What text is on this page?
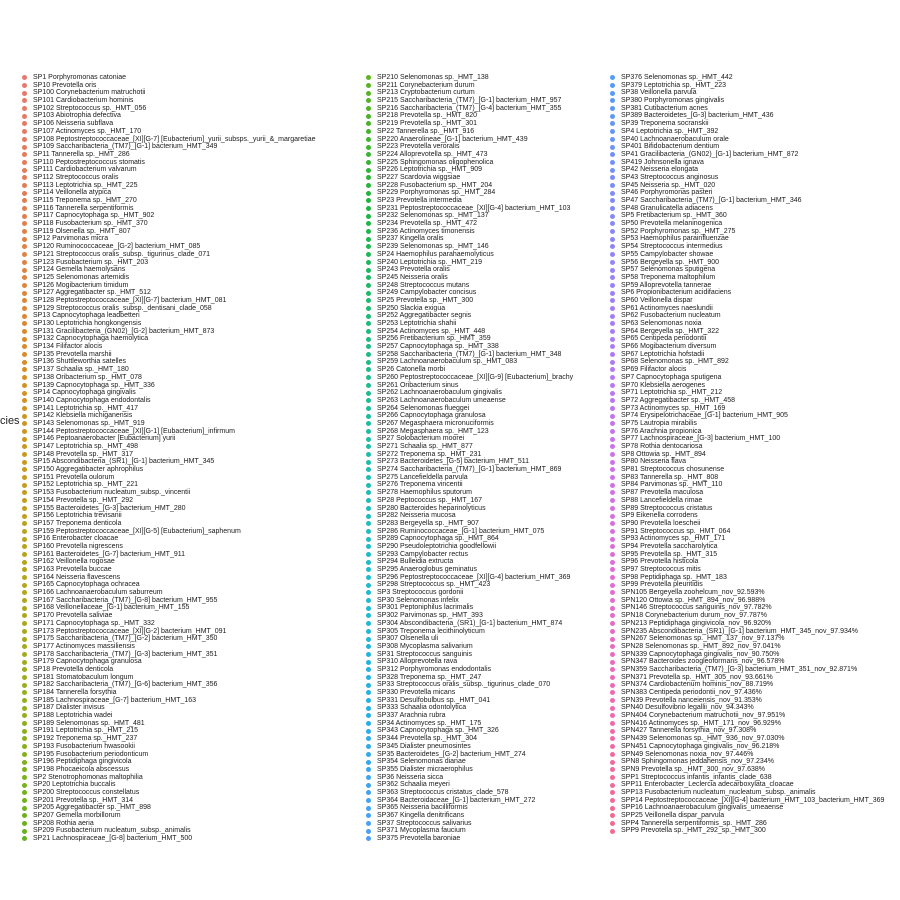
cies
SP1 Porphyromonas catoniae
SP10 Prevotella oris
SP100 Corynebacterium matruchotii
SP101 Cardiobacterium hominis
SP102 Streptococcus sp._HMT_056
SP103 Abiotrophia defectiva
SP106 Neisseria subflava
SP107 Actinomyces sp._HMT_170
SP108 Peptostreptococcaceae_[XI][G-7] [Eubacterium]_yurii_subsps._yurii_&_margaretiae
SP109 Saccharibacteria_(TM7)_[G-1] bacterium_HMT_349
SP11 Tannerella sp._HMT_286
SP110 Peptostreptococcus stomatis
SP111 Cardiobacterium valvarum
SP112 Streptococcus oralis
SP113 Leptotrichia sp._HMT_225
SP114 Veillonella atypica
SP115 Treponema sp._HMT_270
SP116 Tannerella serpentiformis
SP117 Capnocytophaga sp._HMT_902
SP118 Fusobacterium sp._HMT_370
SP119 Olsenella sp._HMT_807
SP12 Parvimonas micra
SP120 Ruminococcaceae_[G-2] bacterium_HMT_085
SP121 Streptococcus oralis_subsp._tigurinus_clade_071
SP123 Fusobacterium sp._HMT_203
SP124 Gemella haemolysans
SP125 Selenomonas artemidis
SP126 Mogibacterium timidum
SP127 Aggregatibacter sp._HMT_512
SP128 Peptostreptococcaceae_[XI][G-7] bacterium_HMT_081
SP129 Streptococcus oralis_subsp._dentisani_clade_058
SP13 Capnocytophaga leadbetteri
SP130 Leptotrichia hongkongensis
SP131 Gracilibacteria_(GN02)_[G-2] bacterium_HMT_873
SP132 Capnocytophaga haemolytica
SP134 Filifactor alocis
SP135 Prevotella marshii
SP136 Shuttleworthia satelles
SP137 Schaalia sp._HMT_180
SP138 Oribacterium sp._HMT_078
SP139 Capnocytophaga sp._HMT_336
SP14 Capnocytophaga gingivalis
SP140 Capnocytophaga endodontalis
SP141 Leptotrichia sp._HMT_417
SP142 Klebsiella michiganensis
SP143 Selenomonas sp._HMT_919
SP144 Peptostreptococcaceae_[XI][G-1] [Eubacterium]_infirmum
SP146 Peptoanaerobacter [Eubacterium] yurii
SP147 Leptotrichia sp._HMT_498
SP148 Prevotella sp._HMT_317
SP15 Abscondibacteria_(SR1)_[G-1] bacterium_HMT_345
SP150 Aggregatibacter aphrophilus
SP151 Prevotella oulorum
SP152 Leptotrichia sp._HMT_221
SP153 Fusobacterium nucleatum_subsp._vincentii
SP154 Prevotella sp._HMT_292
SP155 Bacteroidetes_[G-3] bacterium_HMT_280
SP156 Leptotrichia trevisanii
SP157 Treponema denticola
SP159 Peptostreptococcaceae_[XI][G-5] [Eubacterium]_saphenum
SP16 Enterobacter cloacae
SP160 Prevotella nigrescens
SP161 Bacteroidetes_[G-7] bacterium_HMT_911
SP162 Veillonella rogosae
SP163 Prevotella buccae
SP164 Neisseria flavescens
SP165 Capnocytophaga ochracea
SP166 Lachnoanaerobaculum saburreum
SP167 Saccharibacteria_(TM7)_[G-8] bacterium_HMT_955
SP168 Veillonellaceae_[G-1] bacterium_HMT_155
SP170 Prevotella saliviae
SP171 Capnocytophaga sp._HMT_332
SP173 Peptostreptococcaceae_[XI][G-2] bacterium_HMT_091
SP175 Saccharibacteria_(TM7)_[G-2] bacterium_HMT_350
SP177 Actinomyces massiliensis
SP178 Saccharibacteria_(TM7)_[G-3] bacterium_HMT_351
SP179 Capnocytophaga granulosa
SP18 Prevotella denticola
SP181 Stomatobaculum longum
SP182 Saccharibacteria_(TM7)_[G-6] bacterium_HMT_356
SP184 Tannerella forsythia
SP185 Lachnospiraceae_[G-7] bacterium_HMT_163
SP187 Dialister invisus
SP188 Leptotrichia wadei
SP189 Selenomonas sp._HMT_481
SP191 Leptotrichia sp._HMT_215
SP192 Treponema sp._HMT_237
SP193 Fusobacterium hwasookii
SP195 Fusobacterium periodonticum
SP196 Peptidiphaga gingivicola
SP198 Phocaeicola abscessus
SP2 Stenotrophomonas maltophilia
SP20 Leptotrichia buccalis
SP200 Streptococcus constellatus
SP201 Prevotella sp._HMT_314
SP205 Aggregatibacter sp._HMT_898
SP207 Gemella morbillorum
SP208 Rothia aeria
SP209 Fusobacterium nucleatum_subsp._animalis
SP21 Lachnospiraceae_[G-8] bacterium_HMT_500
SP210 Selenomonas sp._HMT_138
SP211 Corynebacterium durum
SP213 Cryptobacterium curtum
SP215 Saccharibacteria_(TM7)_[G-1] bacterium_HMT_957
SP216 Saccharibacteria_(TM7)_[G-4] bacterium_HMT_355
SP218 Prevotella sp._HMT_820
SP219 Prevotella sp._HMT_301
SP22 Tannerella sp._HMT_916
SP220 Anaerolineae_[G-1] bacterium_HMT_439
SP223 Prevotella veroralis
SP224 Alloprevotella sp._HMT_473
SP225 Sphingomonas oligophenolica
SP226 Leptotrichia sp._HMT_909
SP227 Scardovia wiggsiae
SP228 Fusobacterium sp._HMT_204
SP229 Porphyromonas sp._HMT_284
SP23 Prevotella intermedia
SP231 Peptostreptococcaceae_[XI][G-4] bacterium_HMT_103
SP232 Selenomonas sp._HMT_137
SP234 Prevotella sp._HMT_472
SP236 Actinomyces timonensis
SP237 Kingella oralis
SP239 Selenomonas sp._HMT_146
SP24 Haemophilus parahaemolyticus
SP240 Leptotrichia sp._HMT_219
SP243 Prevotella oralis
SP245 Neisseria oralis
SP248 Streptococcus mutans
SP249 Campylobacter concisus
SP25 Prevotella sp._HMT_300
SP250 Slackia exigua
SP252 Aggregatibacter segnis
SP253 Leptotrichia shahii
SP254 Actinomyces sp._HMT_448
SP256 Fretibacterium sp._HMT_359
SP257 Capnocytophaga sp._HMT_338
SP258 Saccharibacteria_(TM7)_[G-1] bacterium_HMT_348
SP259 Lachnoanaerobaculum sp._HMT_083
SP26 Catonella morbi
SP260 Peptostreptococcaceae_[XI][G-9] [Eubacterium]_brachy
SP261 Oribacterium sinus
SP262 Lachnoanaerobaculum gingivalis
SP263 Lachnoanaerobaculum umeaense
SP264 Selenomonas flueggei
SP266 Capnocytophaga granulosa
SP267 Megasphaera micronuciformis
SP268 Megasphaera sp._HMT_123
SP27 Solobacterium moorei
SP271 Schaalia sp._HMT_877
SP272 Treponema sp._HMT_231
SP273 Bacteroidetes_[G-5] bacterium_HMT_511
SP274 Saccharibacteria_(TM7)_[G-1] bacterium_HMT_869
SP275 Lancefieldella parvula
SP276 Treponema vincentii
SP278 Haemophilus sputorum
SP28 Peptococcus sp._HMT_167
SP280 Bacteroides heparinolyticus
SP282 Neisseria mucosa
SP283 Bergeyella sp._HMT_907
SP286 Ruminococcaceae_[G-1] bacterium_HMT_075
SP289 Capnocytophaga sp._HMT_864
SP290 Pseudoleptotrichia goodfellowii
SP293 Campylobacter rectus
SP294 Bulleidia extructa
SP295 Anaeroglobus geminatus
SP296 Peptostreptococcaceae_[XI][G-4] bacterium_HMT_369
SP298 Streptococcus sp._HMT_423
SP3 Streptococcus gordonii
SP30 Selenomonas infelix
SP301 Peptoniphilus lacrimalis
SP302 Parvimonas sp._HMT_393
SP304 Abscondibacteria_(SR1)_[G-1] bacterium_HMT_874
SP305 Treponema lecithinolyticum
SP307 Olsenella uli
SP308 Mycoplasma salivarium
SP31 Streptococcus sanguinis
SP310 Alloprevotella rava
SP312 Porphyromonas endodontalis
SP328 Treponema sp._HMT_247
SP33 Streptococcus oralis_subsp._tigurinus_clade_070
SP330 Prevotella micans
SP331 Desulfobulbus sp._HMT_041
SP333 Schaalia odontolytica
SP337 Arachnia rubra
SP34 Actinomyces sp._HMT_175
SP343 Capnocytophaga sp._HMT_326
SP344 Prevotella sp._HMT_304
SP345 Dialister pneumosintes
SP35 Bacteroidetes_[G-2] bacterium_HMT_274
SP354 Selenomonas dianae
SP355 Dialister micraerophilus
SP36 Neisseria sicca
SP362 Schaalia meyeri
SP363 Streptococcus cristatus_clade_578
SP364 Bacteroidaceae_[G-1] bacterium_HMT_272
SP365 Neisseria bacilliformis
SP367 Kingella denitrificans
SP37 Streptococcus salivarius
SP371 Mycoplasma faucium
SP375 Prevotella baroniae
SP376 Selenomonas sp._HMT_442
SP379 Leptotrichia sp._HMT_223
SP38 Veillonella parvula
SP380 Porphyromonas gingivalis
SP381 Cutibacterium acnes
SP389 Bacteroidetes_[G-3] bacterium_HMT_436
SP39 Treponema socranskii
SP4 Leptotrichia sp._HMT_392
SP40 Lachnoanaerobaculum orale
SP401 Bifidobacterium dentium
SP41 Gracilibacteria_(GN02)_[G-1] bacterium_HMT_872
SP419 Johnsonella ignava
SP42 Neisseria elongata
SP43 Streptococcus anginosus
SP45 Neisseria sp._HMT_020
SP46 Porphyromonas pasteri
SP47 Saccharibacteria_(TM7)_[G-1] bacterium_HMT_346
SP48 Granulicatella adiacens
SP5 Fretibacterium sp._HMT_360
SP50 Prevotella melaninogenica
SP52 Porphyromonas sp._HMT_275
SP53 Haemophilus parainfluenzae
SP54 Streptococcus intermedius
SP55 Campylobacter showae
SP56 Bergeyella sp._HMT_900
SP57 Selenomonas sputigena
SP58 Treponema maltophilum
SP59 Alloprevotella tannerae
SP6 Propionibacterium acidifaciens
SP60 Veillonella dispar
SP61 Actinomyces naeslundii
SP62 Fusobacterium nucleatum
SP63 Selenomonas noxia
SP64 Bergeyella sp._HMT_322
SP65 Centipeda periodontii
SP66 Mogibacterium diversum
SP67 Leptotrichia hofstadii
SP68 Selenomonas sp._HMT_892
SP69 Filifactor alocis
SP7 Capnocytophaga sputigena
SP70 Klebsiella aerogenes
SP71 Leptotrichia sp._HMT_212
SP72 Aggregatibacter sp._HMT_458
SP73 Actinomyces sp._HMT_169
SP74 Erysipelotrichaceae_[G-1] bacterium_HMT_905
SP75 Lautropia mirabilis
SP76 Arachnia propionica
SP77 Lachnospiraceae_[G-3] bacterium_HMT_100
SP78 Rothia dentocariosa
SP8 Ottowia sp._HMT_894
SP80 Neisseria flava
SP81 Streptococcus chosunense
SP83 Tannerella sp._HMT_808
SP84 Parvimonas sp._HMT_110
SP87 Prevotella maculosa
SP88 Lancefieldella rimae
SP89 Streptococcus cristatus
SP9 Eikenella corrodens
SP90 Prevotella loescheii
SP91 Streptococcus sp._HMT_064
SP93 Actinomyces sp._HMT_171
SP94 Prevotella saccharolytica
SP95 Prevotella sp._HMT_315
SP96 Prevotella histicola
SP97 Streptococcus mitis
SP98 Peptidiphaga sp._HMT_183
SP99 Prevotella pleuritidis
SPN105 Bergeyella zoohelcum_nov_92.593%
SPN120 Ottowia sp._HMT_894_nov_96.988%
SPN146 Streptococcus sanguinis_nov_97.782%
SPN18 Corynebacterium durum_nov_97.787%
SPN213 Peptidiphaga gingivicola_nov_96.920%
SPN235 Abscondibacteria_(SR1)_[G-1] bacterium_HMT_345_nov_97.934%
SPN267 Selenomonas sp._HMT_137_nov_97.137%
SPN28 Selenomonas sp._HMT_892_nov_97.041%
SPN339 Capnocytophaga gingivalis_nov_90.750%
SPN347 Bacteroides zoogleoformans_nov_96.578%
SPN359 Saccharibacteria_(TM7)_[G-3] bacterium_HMT_351_nov_92.871%
SPN371 Prevotella sp._HMT_305_nov_93.661%
SPN374 Cardiobacterium hominis_nov_88.719%
SPN383 Centipeda periodontii_nov_97.436%
SPN39 Prevotella nanceiensis_nov_91.353%
SPN40 Desulfovibrio legallii_nov_94.343%
SPN404 Corynebacterium matruchotii_nov_97.951%
SPN416 Actinomyces sp._HMT_171_nov_96.929%
SPN427 Tannerella forsythia_nov_97.308%
SPN439 Selenomonas sp._HMT_936_nov_97.030%
SPN451 Capnocytophaga gingivalis_nov_96.218%
SPN49 Selenomonas noxia_nov_97.446%
SPN8 Sphingomonas jeddahensis_nov_97.234%
SPN9 Prevotella sp._HMT_300_nov_97.638%
SPP1 Streptococcus infantis_infantis_clade_638
SPP11 Enterobacter_Leclercia adecarboxylata_cloacae
SPP13 Fusobacterium nucleatum_nucleatum_subsp._animalis
SPP14 Peptostreptococcaceae_[XI][G-4] bacterium_HMT_103_bacterium_HMT_369
SPP16 Lachnoanaerobaculum gingivalis_umeaense
SPP25 Veillonella dispar_parvula
SPP4 Tannerella serpentiformis_sp._HMT_286
SPP9 Prevotella sp._HMT_292_sp._HMT_300
